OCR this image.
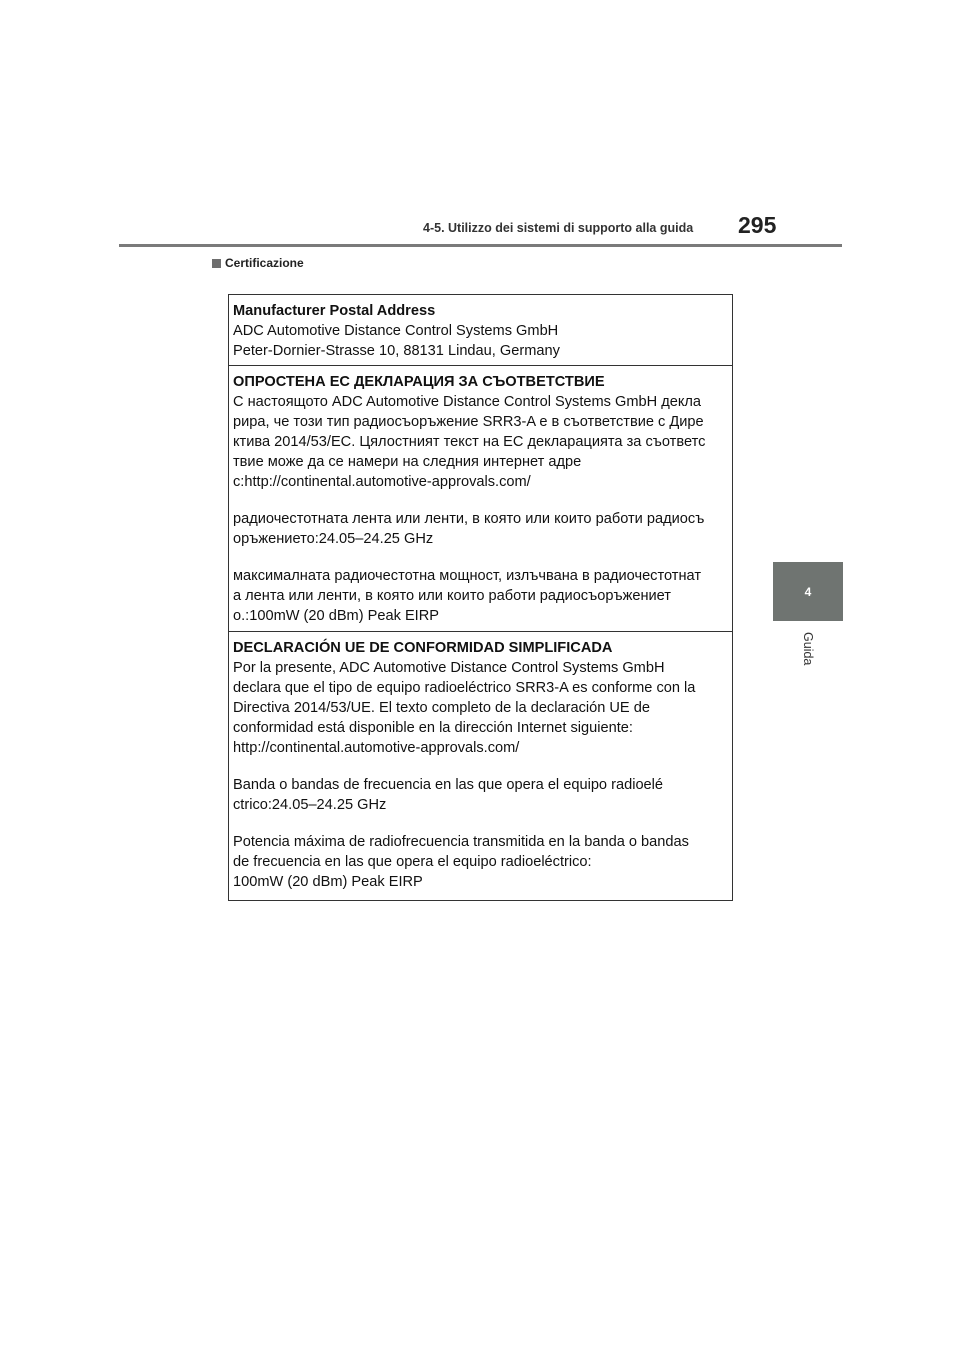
4-5. Utilizzo dei sistemi di supporto alla guida 295
Certificazione
4
Guida
Manufacturer Postal Address
ADC Automotive Distance Control Systems GmbH
Peter-Dornier-Strasse 10, 88131 Lindau, Germany
ОПРОСТЕНА ЕС ДЕКЛАРАЦИЯ ЗА СЪОТВЕТСТВИЕ
С настоящото ADC Automotive Distance Control Systems GmbH декла
рира, че този тип радиосъоръжение SRR3-A е в съответствие с Дире
ктива 2014/53/ЕС. Цялостният текст на ЕС декларацията за съответс
твие може да се намери на следния интернет адре
c:http://continental.automotive-approvals.com/
радиочестотната лента или ленти, в която или които работи радиосъ
оръжението:24.05–24.25 GHz
максималната радиочестотна мощност, излъчвана в радиочестотнат
а лента или ленти, в която или които работи радиосъоръжениет
о.:100mW (20 dBm) Peak EIRP
DECLARACIÓN UE DE CONFORMIDAD SIMPLIFICADA
Por la presente, ADC Automotive Distance Control Systems GmbH
declara que el tipo de equipo radioeléctrico SRR3-A es conforme con la
Directiva 2014/53/UE. El texto completo de la declaración UE de
conformidad está disponible en la dirección Internet siguiente:
http://continental.automotive-approvals.com/
Banda o bandas de frecuencia en las que opera el equipo radioelé
ctrico:24.05–24.25 GHz
Potencia máxima de radiofrecuencia transmitida en la banda o bandas
de frecuencia en las que opera el equipo radioeléctrico:
100mW (20 dBm) Peak EIRP
